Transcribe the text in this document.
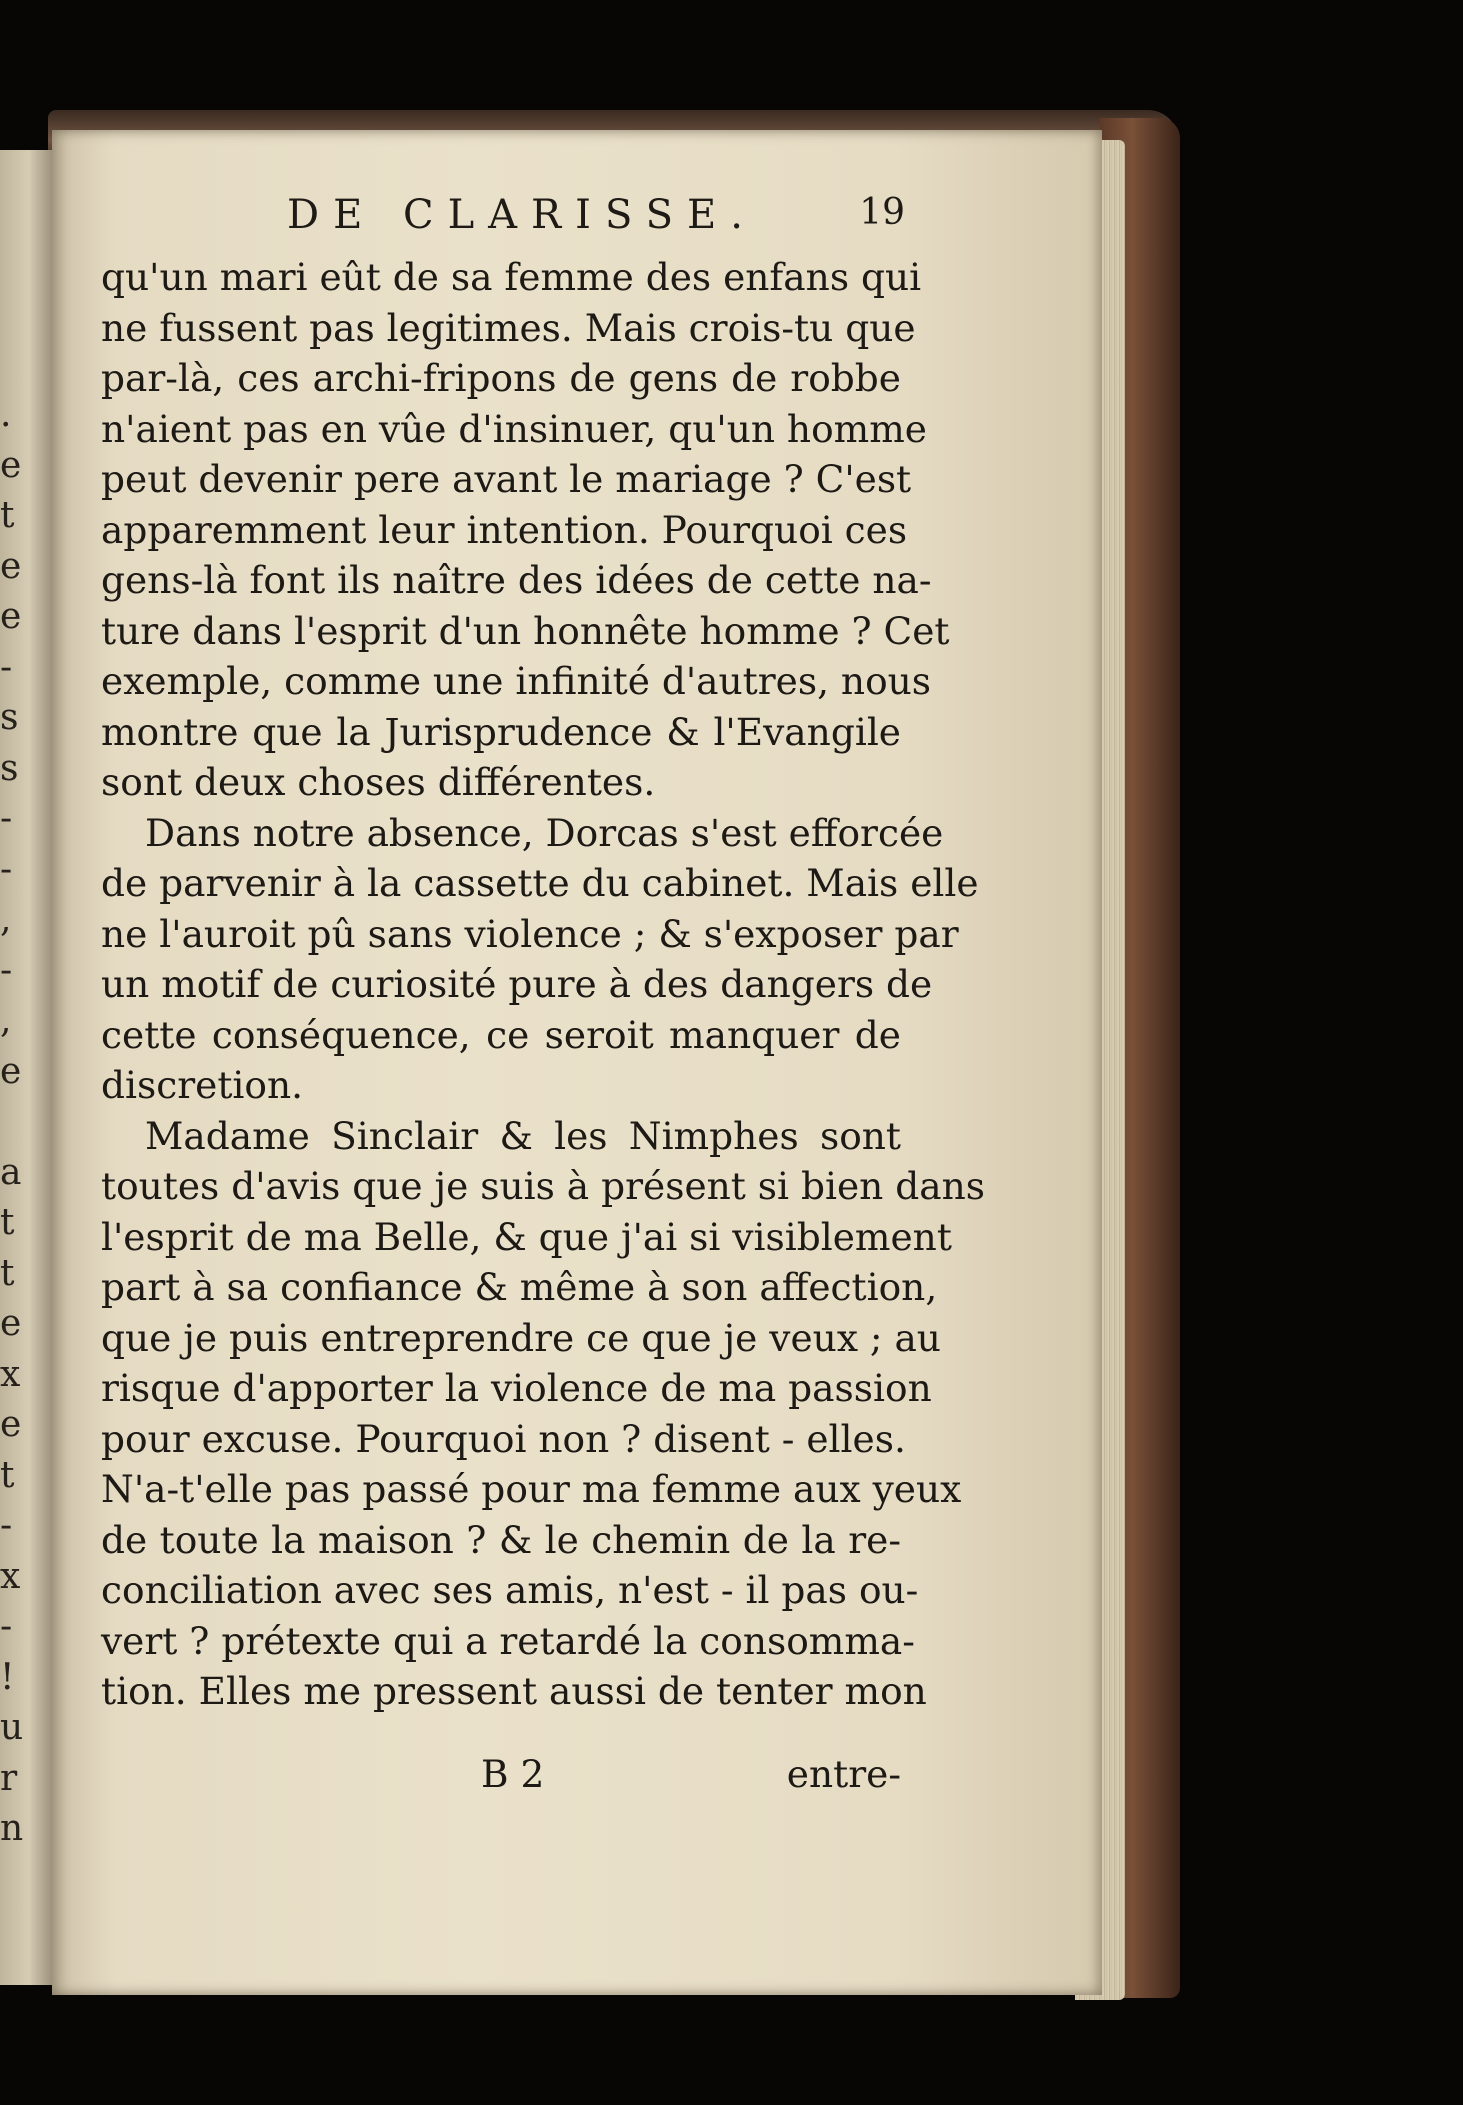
.
e
t
e
e
-
s
s
-
-
,
-
,
e
a
t
t
e
x
e
t
-
x
-
!
u
r
n
DE CLARISSE.	19
qu'un mari eût de sa femme des enfans qui
ne fussent pas legitimes. Mais crois-tu que
par-là, ces archi-fripons de gens de robbe
n'aient pas en vûe d'insinuer, qu'un homme
peut devenir pere avant le mariage ? C'est
apparemment leur intention. Pourquoi ces
gens-là font ils naître des idées de cette na-
ture dans l'esprit d'un honnête homme ? Cet
exemple, comme une infinité d'autres, nous
montre que la Jurisprudence & l'Evangile
sont deux choses différentes.
Dans notre absence, Dorcas s'est efforcée
de parvenir à la cassette du cabinet. Mais elle
ne l'auroit pû sans violence ; & s'exposer par
un motif de curiosité pure à des dangers de
cette conséquence, ce seroit manquer de
discretion.
Madame Sinclair & les Nimphes sont
toutes d'avis que je suis à présent si bien dans
l'esprit de ma Belle, & que j'ai si visiblement
part à sa confiance & même à son affection,
que je puis entreprendre ce que je veux ; au
risque d'apporter la violence de ma passion
pour excuse. Pourquoi non ? disent - elles.
N'a-t'elle pas passé pour ma femme aux yeux
de toute la maison ? & le chemin de la re-
conciliation avec ses amis, n'est - il pas ou-
vert ? prétexte qui a retardé la consomma-
tion. Elles me pressent aussi de tenter mon
B 2	entre-
